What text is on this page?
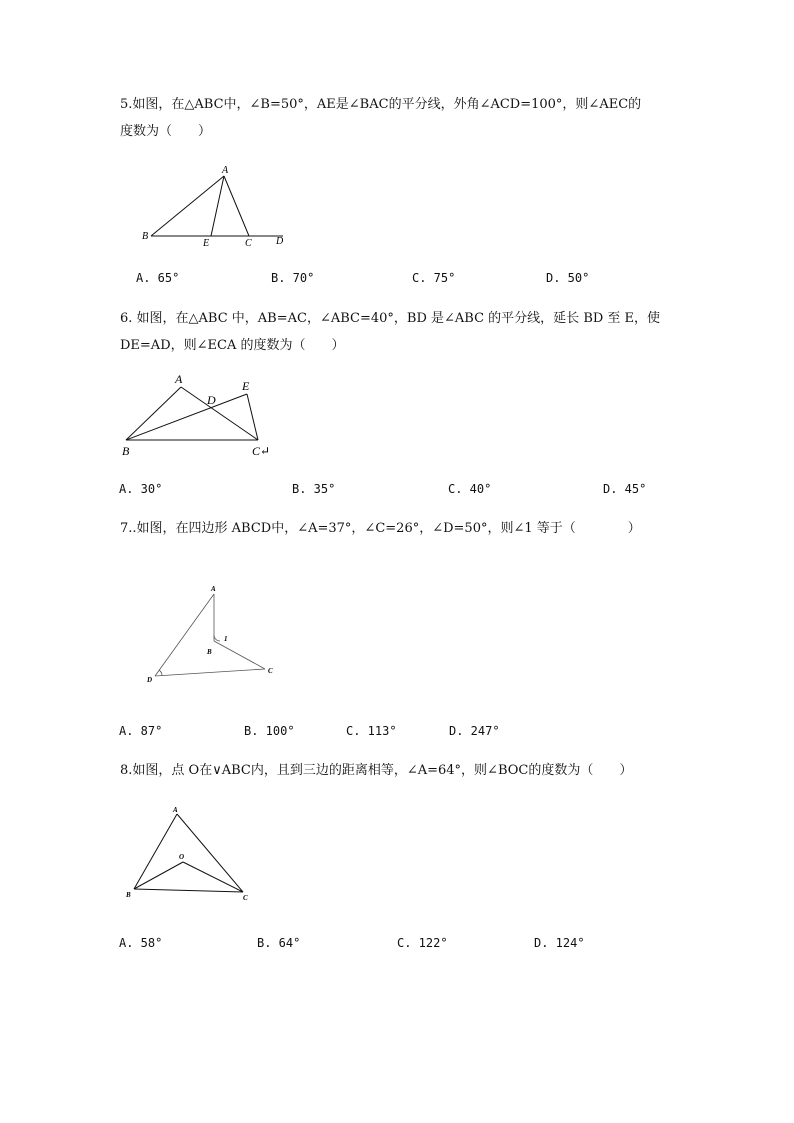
5.如图，在△ABC中，∠B=50°，AE是∠BAC的平分线，外角∠ACD=100°，则∠AEC的
度数为（　　）
A
B
E	C D
A. 65°	B. 70°	C. 75°	D. 50°
6. 如图，在△ABC 中，AB=AC，∠ABC=40°，BD 是∠ABC 的平分线，延长 BD 至 E，使
DE=AD，则∠ECA 的度数为（　　）
A	E
D
B	C↵
A. 30°	B. 35°	C. 40°	D. 45°
7..如图，在四边形 ABCD中，∠A=37°，∠C=26°，∠D=50°，则∠1 等于（　　　　）
A
B
C
D
1
A. 87°	B. 100°	C. 113°	D. 247°
8.如图，点 O在∨ABC内，且到三边的距离相等，∠A=64°，则∠BOC的度数为（　　）
A
O
B	C
A. 58°	B. 64°	C. 122°	D. 124°
